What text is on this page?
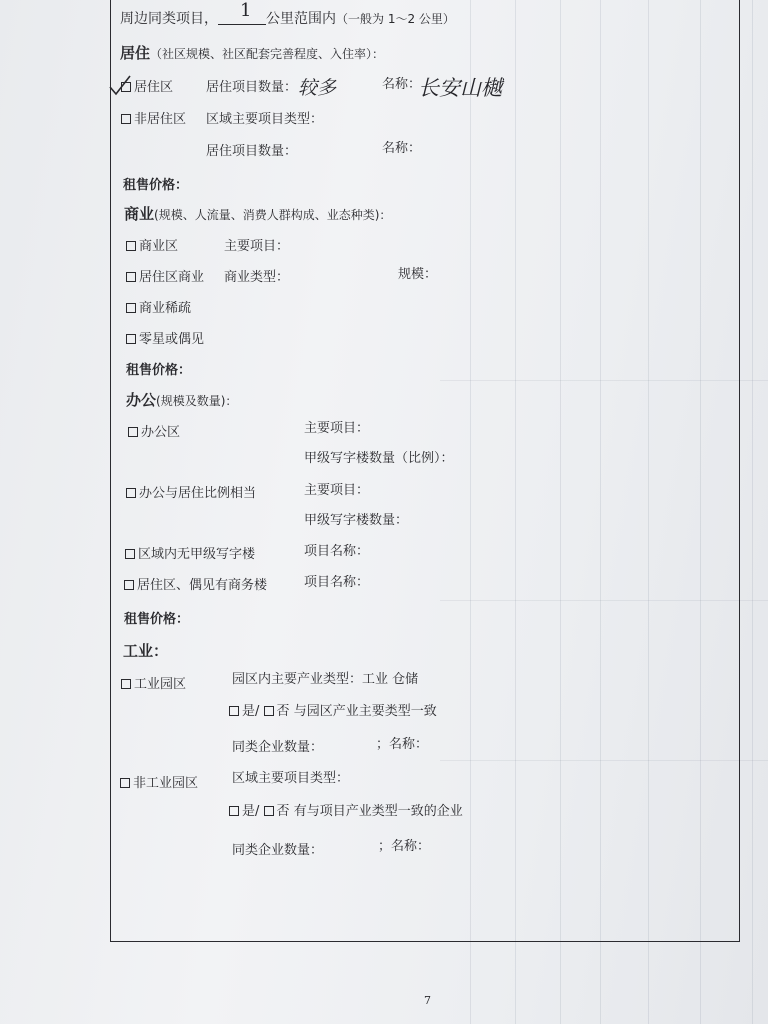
周边同类项目， 1 公里范围内（一般为 1～2 公里）
居住（社区规模、社区配套完善程度、入住率）：
居住区	居住项目数量： 较多	名称：
长安山樾
非居住区 区域主要项目类型：
居住项目数量：	名称：
租售价格：
商业(规模、人流量、消费人群构成、业态种类)：
商业区	主要项目：
居住区商业 商业类型：	规模：
商业稀疏
零星或偶见
租售价格：
办公(规模及数量)：
办公区	主要项目：
甲级写字楼数量（比例）：
办公与居住比例相当	主要项目：
甲级写字楼数量：
区域内无甲级写字楼	项目名称：
居住区、偶见有商务楼	项目名称：
租售价格：
工业：
工业园区	园区内主要产业类型：工业 仓储
是/ 否 与园区产业主要类型一致
同类企业数量：	；名称：
非工业园区	区域主要项目类型：
是/ 否 有与项目产业类型一致的企业
同类企业数量：	；名称：
7
